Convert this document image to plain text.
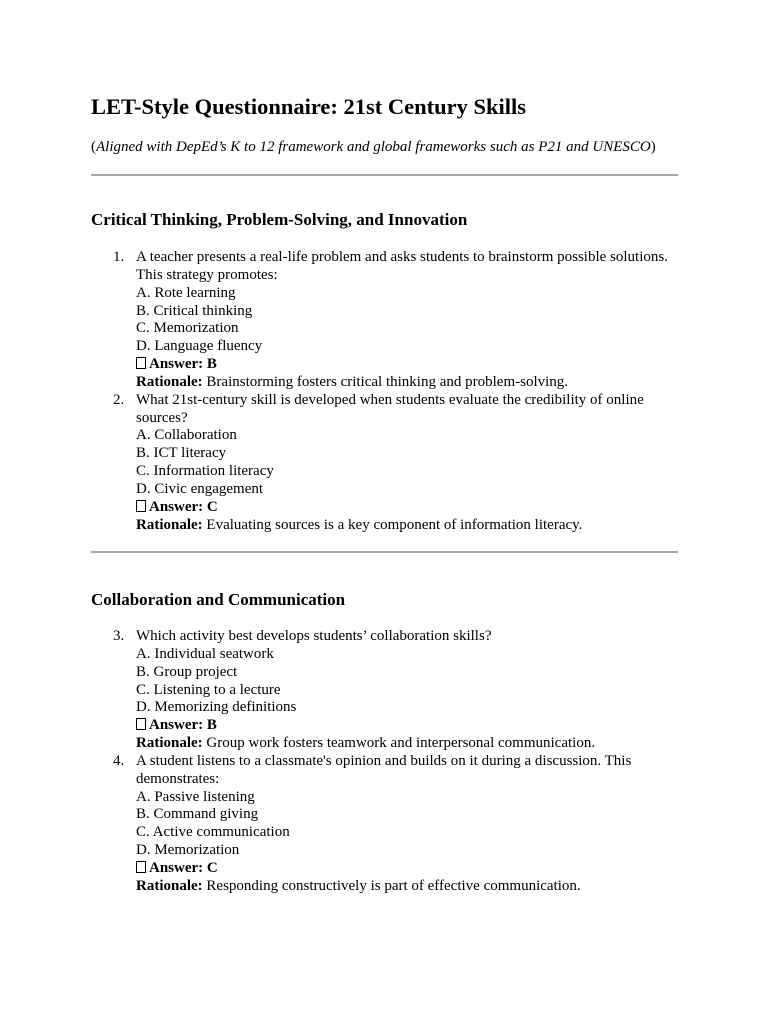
LET-Style Questionnaire: 21st Century Skills

(Aligned with DepEd’s K to 12 framework and global frameworks such as P21 and UNESCO)

Critical Thinking, Problem-Solving, and Innovation
1. A teacher presents a real-life problem and asks students to brainstorm possible solutions. This strategy promotes:
A. Rote learning
B. Critical thinking
C. Memorization
D. Language fluency
Answer: B
Rationale: Brainstorming fosters critical thinking and problem-solving.
2. What 21st-century skill is developed when students evaluate the credibility of online sources?
A. Collaboration
B. ICT literacy
C. Information literacy
D. Civic engagement
Answer: C
Rationale: Evaluating sources is a key component of information literacy.
Collaboration and Communication
3. Which activity best develops students’ collaboration skills?
A. Individual seatwork
B. Group project
C. Listening to a lecture
D. Memorizing definitions
Answer: B
Rationale: Group work fosters teamwork and interpersonal communication.
4. A student listens to a classmate's opinion and builds on it during a discussion. This demonstrates:
A. Passive listening
B. Command giving
C. Active communication
D. Memorization
Answer: C
Rationale: Responding constructively is part of effective communication.
